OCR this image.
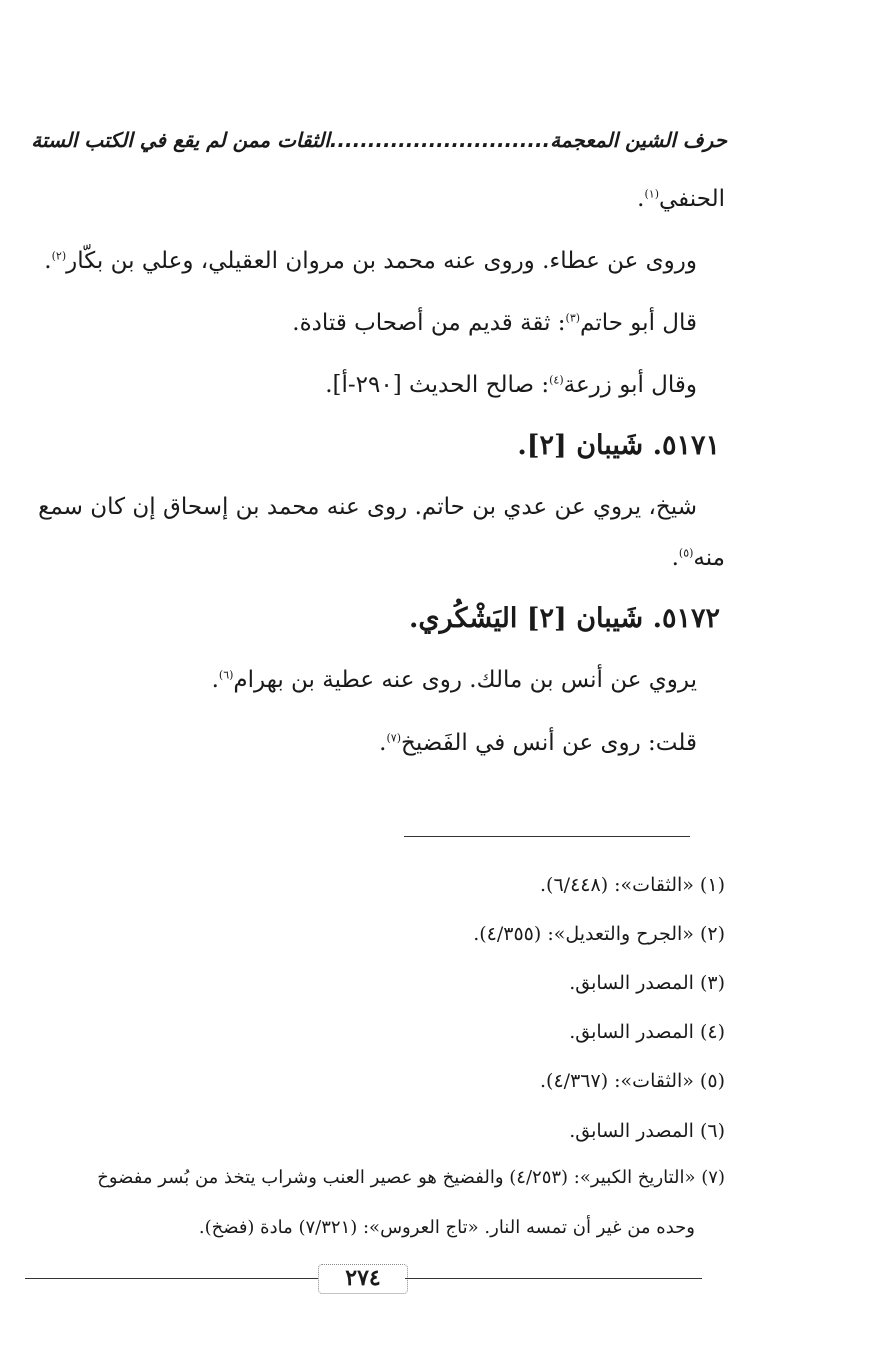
حرف الشين المعجمة.............................الثقات ممن لم يقع في الكتب الستة
الحنفي$^{(١)}$.
وروى عن عطاء. وروى عنه محمد بن مروان العقيلي، وعلي بن بكّار$^{(٢)}$.
قال أبو حاتم$^{(٣)}$: ثقة قديم من أصحاب قتادة.
وقال أبو زرعة$^{(٤)}$: صالح الحديث [٢٩٠-أ].
٥١٧١. شَيبان [٢].
شيخ، يروي عن عدي بن حاتم. روى عنه محمد بن إسحاق إن كان سمع
منه$^{(٥)}$.
٥١٧٢. شَيبان [٢] اليَشْكُري.
يروي عن أنس بن مالك. روى عنه عطية بن بهرام$^{(٦)}$.
قلت: روى عن أنس في الفَضيخ$^{(٧)}$.
(١) «الثقات»: (٦/٤٤٨).
(٢) «الجرح والتعديل»: (٤/٣٥٥).
(٣) المصدر السابق.
(٤) المصدر السابق.
(٥) «الثقات»: (٤/٣٦٧).
(٦) المصدر السابق.
(٧) «التاريخ الكبير»: (٤/٢٥٣) والفضيخ هو عصير العنب وشراب يتخذ من بُسر مفضوخ
وحده من غير أن تمسه النار. «تاج العروس»: (٧/٣٢١) مادة (فضخ).
٢٧٤
